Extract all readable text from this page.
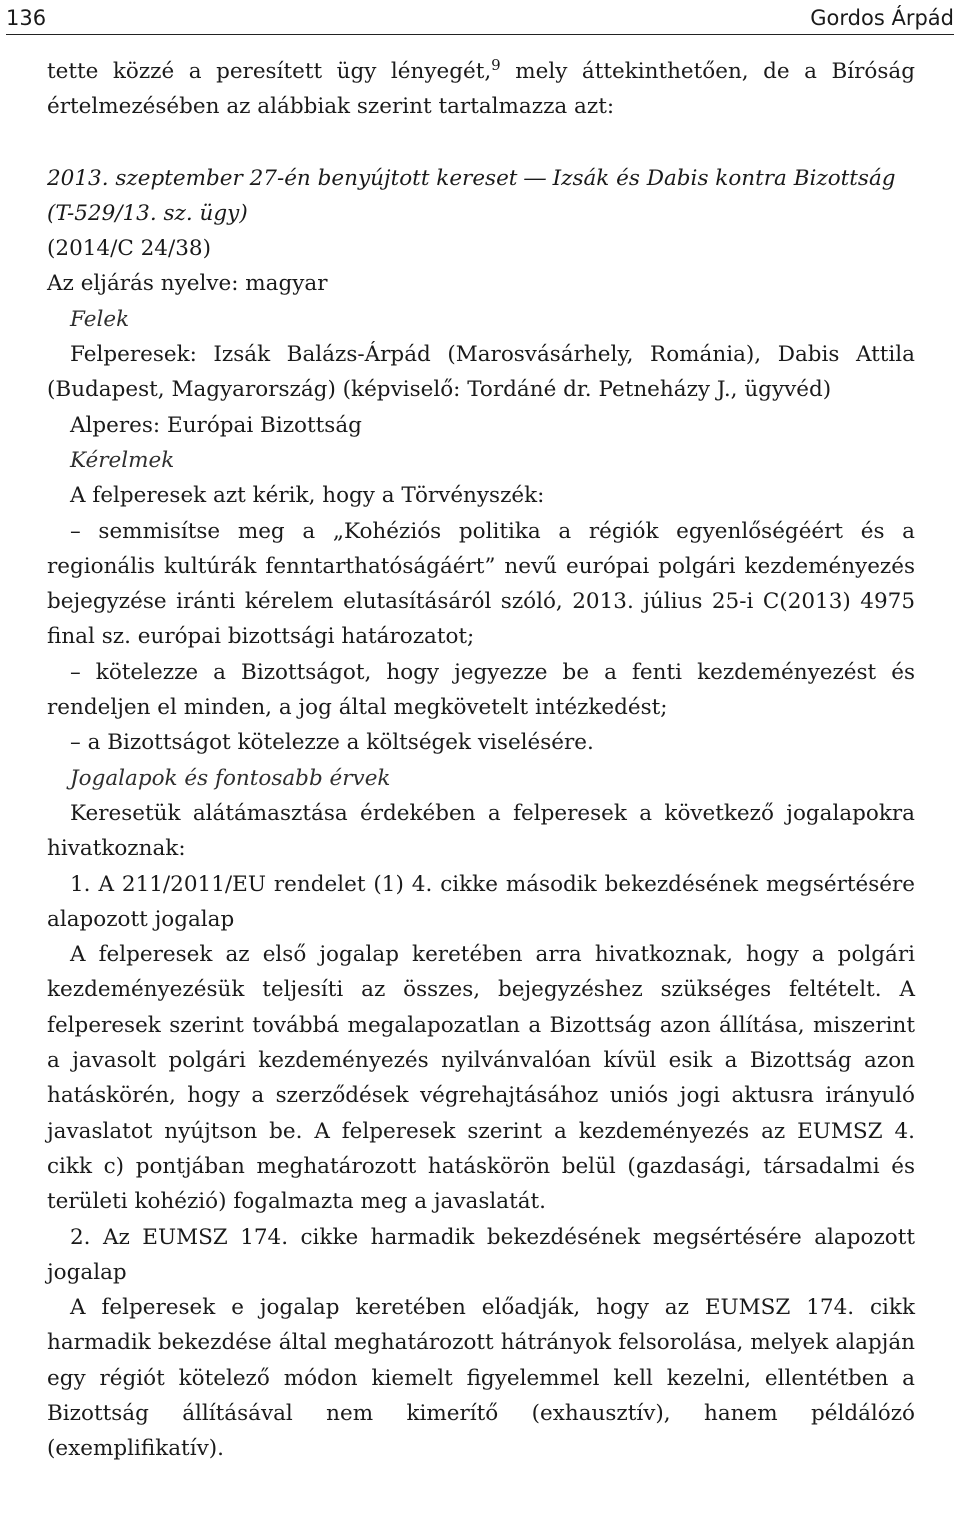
136	Gordos Árpád

tette közzé a peresített ügy lényegét,$^9$ mely áttekinthetően, de a Bíróság értelmezésében az alábbiak szerint tartalmazza azt:

2013. szeptember 27-én benyújtott kereset ― Izsák és Dabis kontra Bizottság (T-529/13. sz. ügy)

(2014/C 24/38)

Az eljárás nyelve: magyar

Felek

Felperesek: Izsák Balázs-Árpád (Marosvásárhely, Románia), Dabis Attila (Budapest, Magyarország) (képviselő: Tordáné dr. Petneházy J., ügyvéd)

Alperes: Európai Bizottság

Kérelmek

A felperesek azt kérik, hogy a Törvényszék:

– semmisítse meg a „Kohéziós politika a régiók egyenlőségéért és a regionális kultúrák fenntarthatóságáért” nevű európai polgári kezdeményezés bejegyzése iránti kérelem elutasításáról szóló, 2013. július 25-i C(2013) 4975 final sz. európai bizottsági határozatot;

– kötelezze a Bizottságot, hogy jegyezze be a fenti kezdeményezést és rendeljen el minden, a jog által megkövetelt intézkedést;

– a Bizottságot kötelezze a költségek viselésére.

Jogalapok és fontosabb érvek

Keresetük alátámasztása érdekében a felperesek a következő jogalapokra hivatkoznak:

1. A 211/2011/EU rendelet (1) 4. cikke második bekezdésének megsértésére alapozott jogalap

A felperesek az első jogalap keretében arra hivatkoznak, hogy a polgári kezdeményezésük teljesíti az összes, bejegyzéshez szükséges feltételt. A felperesek szerint továbbá megalapozatlan a Bizottság azon állítása, miszerint a javasolt polgári kezdeményezés nyilvánvalóan kívül esik a Bizottság azon hatáskörén, hogy a szerződések végrehajtásához uniós jogi aktusra irányuló javaslatot nyújtson be. A felperesek szerint a kezdeményezés az EUMSZ 4. cikk c) pontjában meghatározott hatáskörön belül (gazdasági, társadalmi és területi kohézió) fogalmazta meg a javaslatát.

2. Az EUMSZ 174. cikke harmadik bekezdésének megsértésére alapozott jogalap

A felperesek e jogalap keretében előadják, hogy az EUMSZ 174. cikk harmadik bekezdése által meghatározott hátrányok felsorolása, melyek alapján egy régiót kötelező módon kiemelt figyelemmel kell kezelni, ellentétben a Bizottság állításával nem kimerítő (exhausztív), hanem példálózó (exemplifikatív).
